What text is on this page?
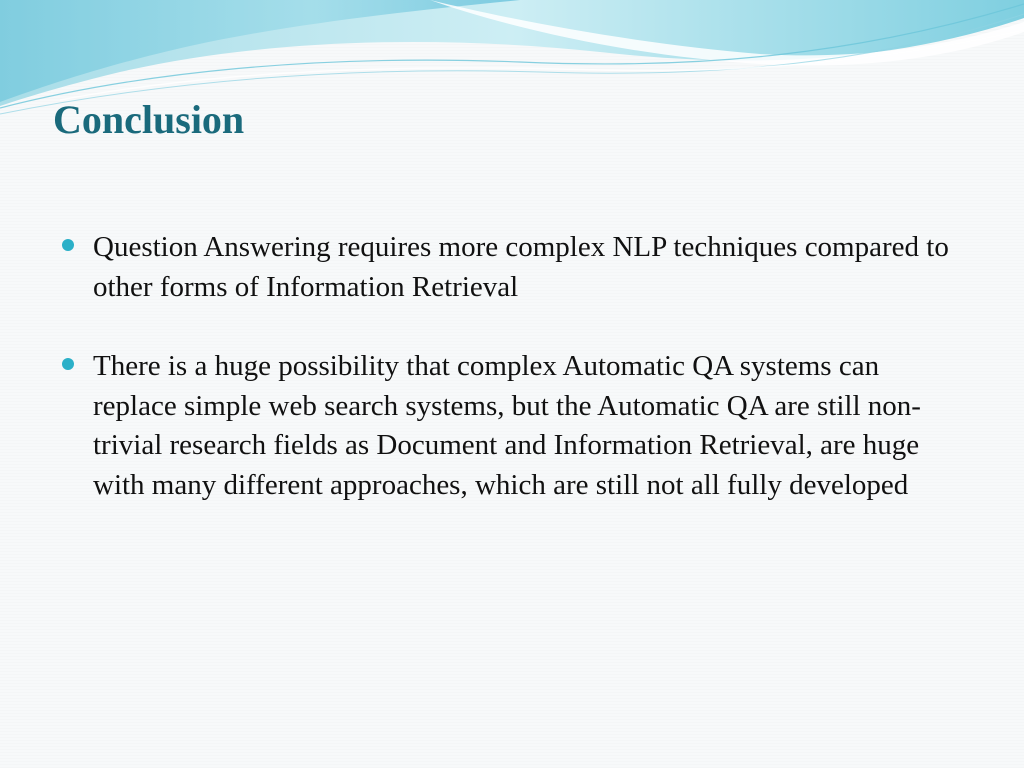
Conclusion
Question Answering requires more complex NLP techniques compared to other forms of Information Retrieval
There is a huge possibility that complex Automatic QA systems can replace simple web search systems, but the Automatic QA are still non-trivial research fields as Document and Information Retrieval, are huge with many different approaches, which are still not all fully developed
